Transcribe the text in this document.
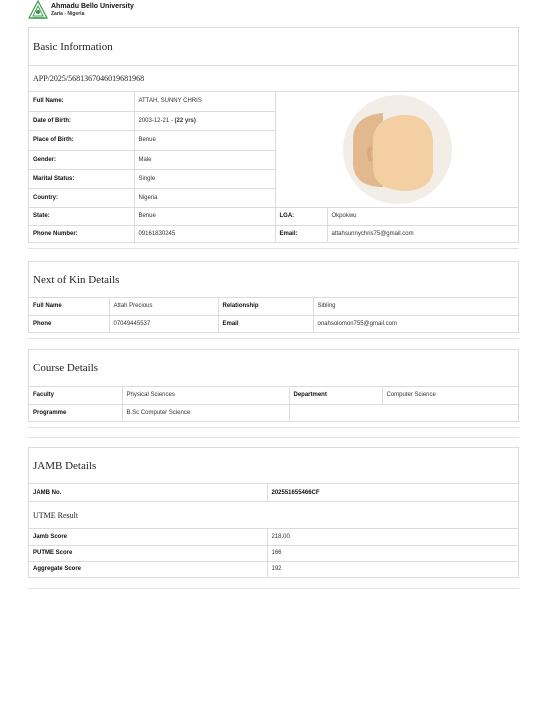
Ahmadu Bello University
Zaria - Nigeria
Basic Information
APP/2025/5681367046019681968
Full Name:	ATTAH, SUNNY CHRIS	

Date of Birth:	2003-12-21 - (22 yrs)		
Place of Birth:	Benue		
Gender:	Male		
Marital Status:	Single		
Country:	Nigeria		
State:	Benue	LGA:	Okpokwu
Phone Number:	09161830245	Email:	attahsunnychris75@gmail.com
Next of Kin Details
Full Name	Attah Precious	Relationship	Sibling
Phone	07049445537	Email	onahsolomon755@gmail.com
Course Details
Faculty	Physical Sciences	Department	Computer Science
Programme	B.Sc Computer Science		
JAMB Details
JAMB No.	202551655466CF
UTME Result
Jamb Score	218.00
PUTME Score	166
Aggregate Score	192
